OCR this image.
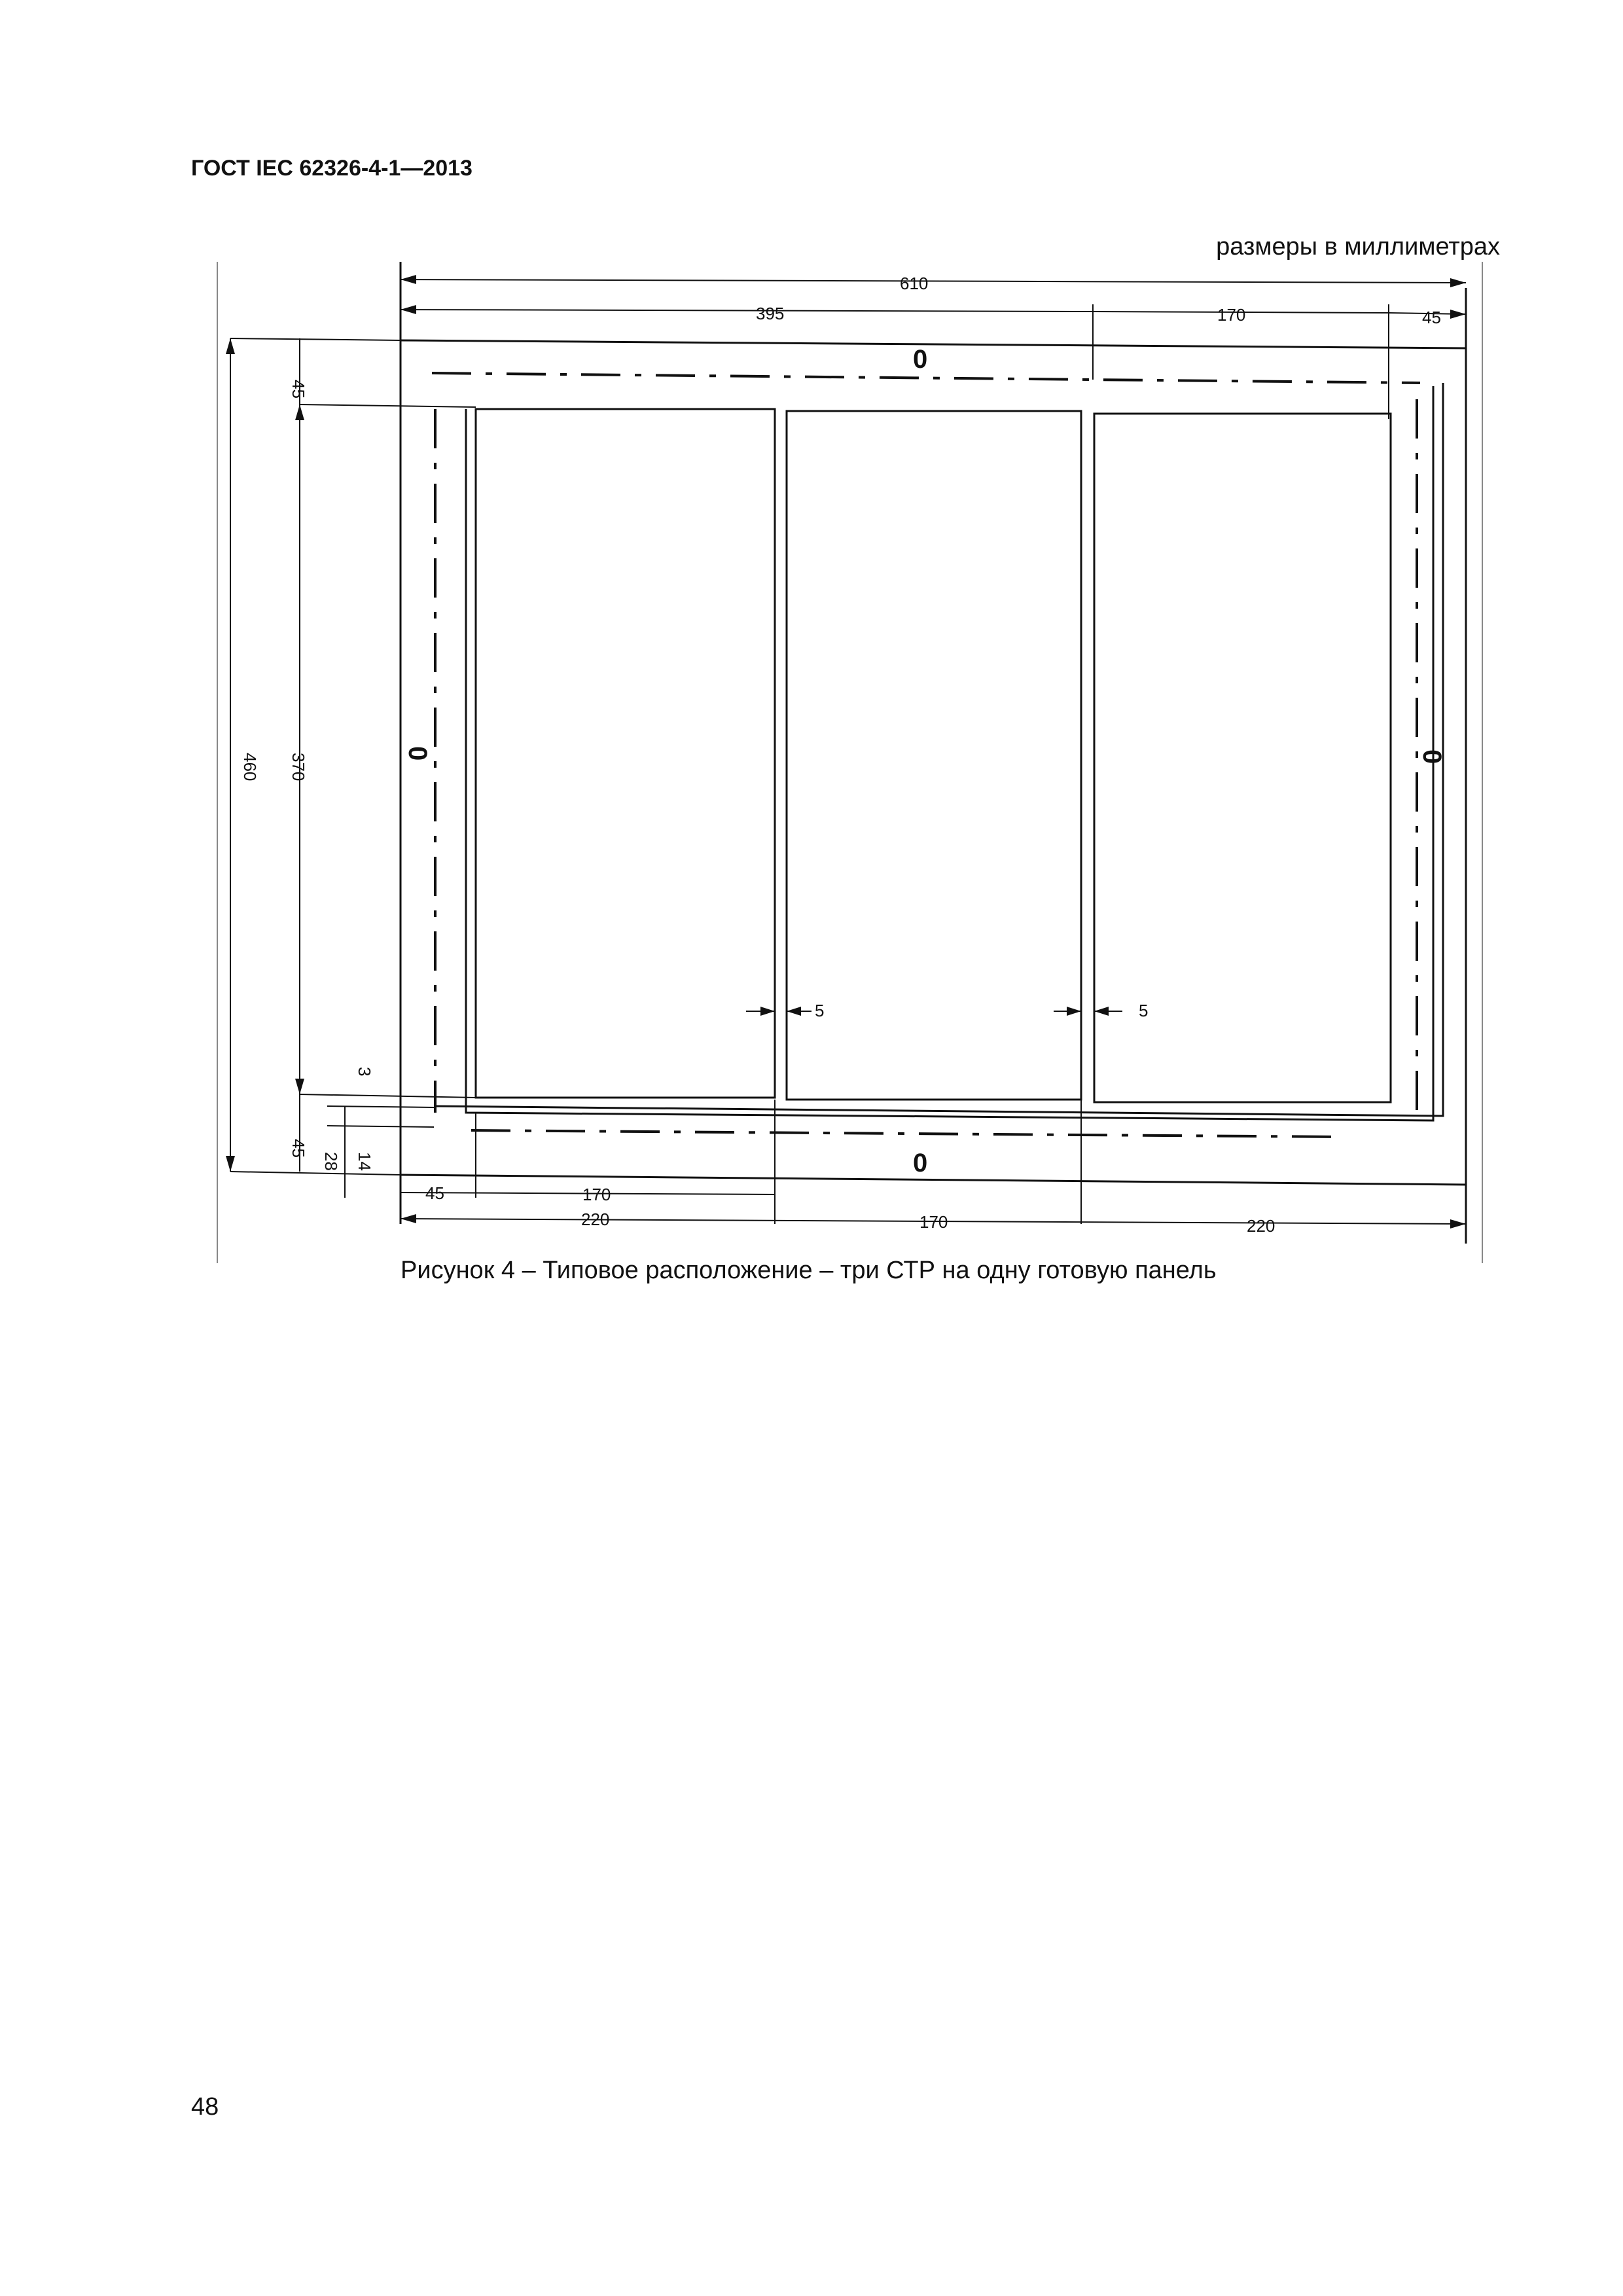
ГОСТ IEC 62326-4-1—2013
размеры в миллиметрах
610
395	170	45
460
45
370
3
14
45
28
5	5
45	170
220	170	220
0
0
0	0
Рисунок 4 – Типовое расположение – три СТР на одну готовую панель
48
